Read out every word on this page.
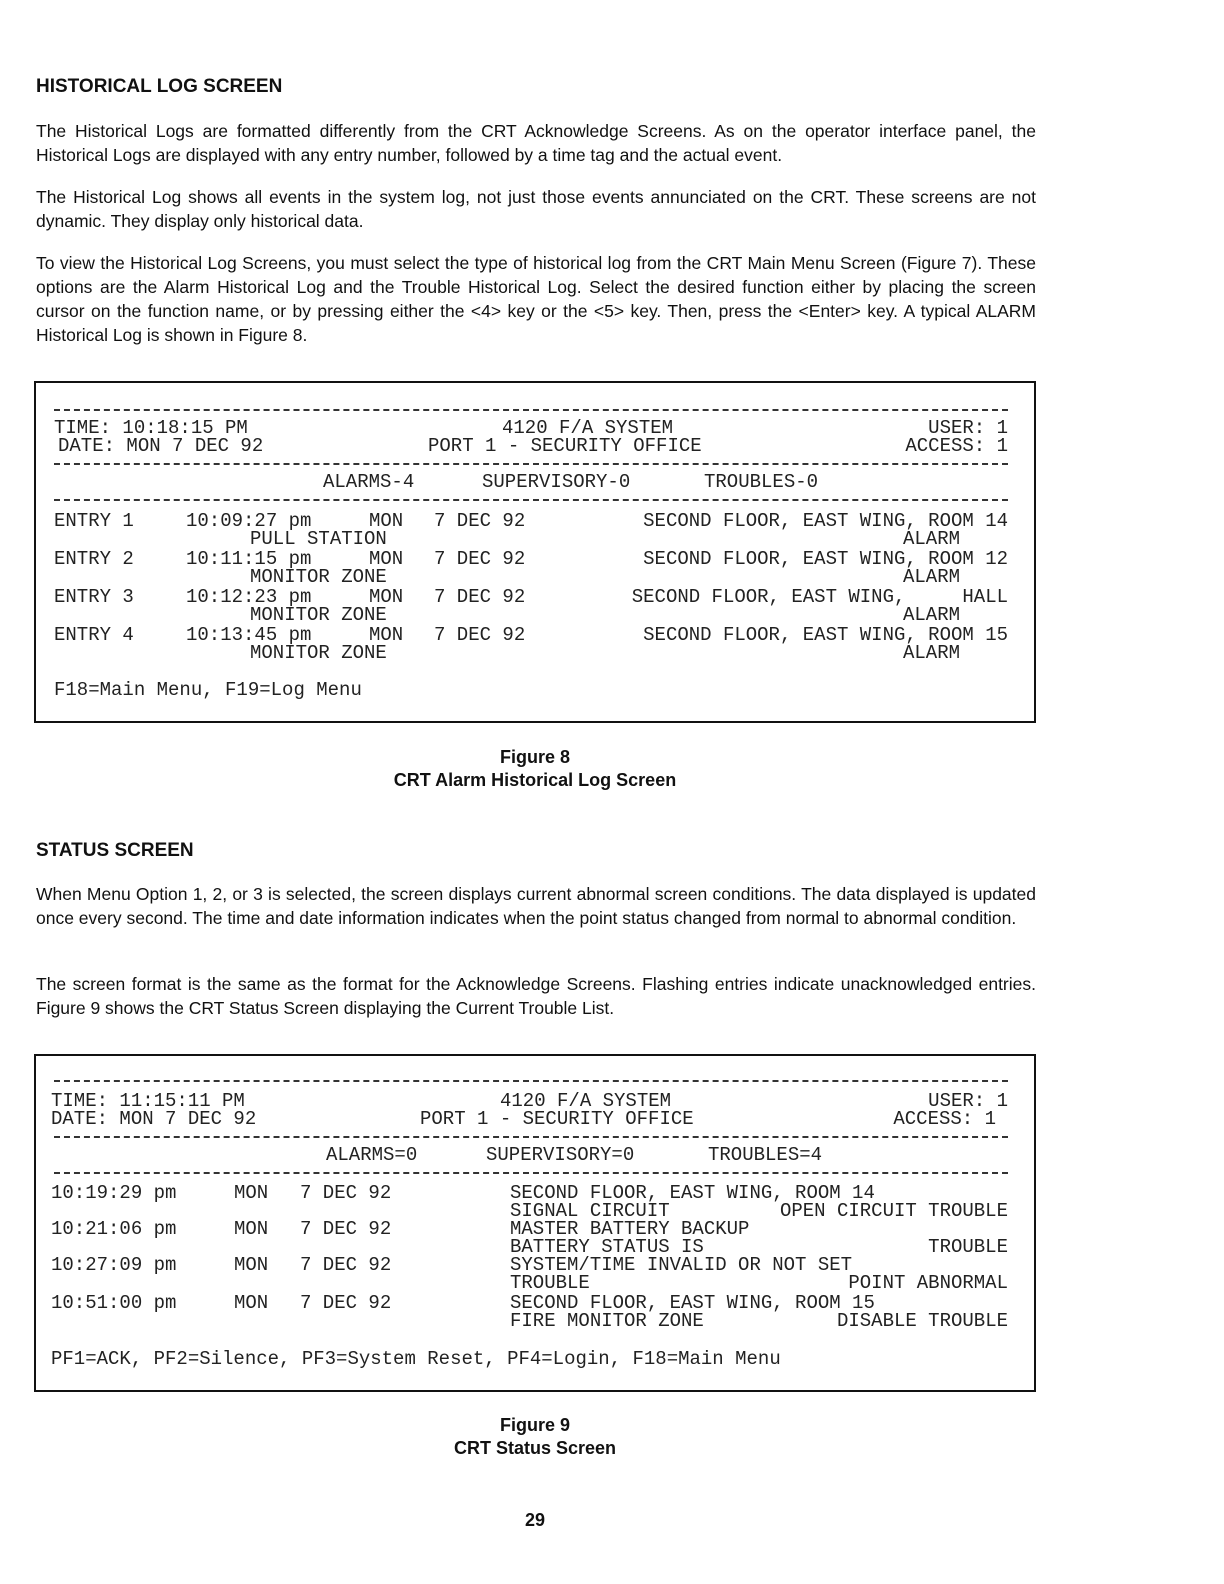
HISTORICAL LOG SCREEN

The Historical Logs are formatted differently from the CRT Acknowledge Screens. As on the operator interface panel, the Historical Logs are displayed with any entry number, followed by a time tag and the actual event.

The Historical Log shows all events in the system log, not just those events annunciated on the CRT. These screens are not dynamic. They display only historical data.

To view the Historical Log Screens, you must select the type of historical log from the CRT Main Menu Screen (Figure 7). These options are the Alarm Historical Log and the Trouble Historical Log. Select the desired function either by placing the screen cursor on the function name, or by pressing either the <4> key or the <5> key. Then, press the <Enter> key. A typical ALARM Historical Log is shown in Figure 8.

TIME: 10:18:15 PM	4120 F/A SYSTEM	USER: 1
DATE: MON 7 DEC 92	PORT 1 - SECURITY OFFICE	ACCESS: 1
ALARMS-4	SUPERVISORY-0	TROUBLES-0
ENTRY 1	10:09:27 pm	MON 7 DEC 92	SECOND FLOOR, EAST WING, ROOM 14
PULL STATION	ALARM
ENTRY 2	10:11:15 pm	MON 7 DEC 92	SECOND FLOOR, EAST WING, ROOM 12
MONITOR ZONE	ALARM
ENTRY 3	10:12:23 pm	MON 7 DEC 92	SECOND FLOOR, EAST WING,     HALL
MONITOR ZONE	ALARM
ENTRY 4	10:13:45 pm	MON 7 DEC 92	SECOND FLOOR, EAST WING, ROOM 15
MONITOR ZONE	ALARM
F18=Main Menu, F19=Log Menu

Figure 8

CRT Alarm Historical Log Screen

STATUS SCREEN

When Menu Option 1, 2, or 3 is selected, the screen displays current abnormal screen conditions. The data displayed is updated once every second. The time and date information indicates when the point status changed from normal to abnormal condition.

The screen format is the same as the format for the Acknowledge Screens. Flashing entries indicate unacknowledged entries. Figure 9 shows the CRT Status Screen displaying the Current Trouble List.

TIME: 11:15:11 PM	4120 F/A SYSTEM	USER: 1
DATE: MON 7 DEC 92	PORT 1 - SECURITY OFFICE	ACCESS: 1
ALARMS=0	SUPERVISORY=0	TROUBLES=4
10:19:29 pm	MON 7 DEC 92	SECOND FLOOR, EAST WING, ROOM 14
SIGNAL CIRCUIT	OPEN CIRCUIT TROUBLE
10:21:06 pm	MON 7 DEC 92	MASTER BATTERY BACKUP
BATTERY STATUS IS	TROUBLE
10:27:09 pm	MON 7 DEC 92	SYSTEM/TIME INVALID OR NOT SET
TROUBLE	POINT ABNORMAL
10:51:00 pm	MON 7 DEC 92	SECOND FLOOR, EAST WING, ROOM 15
FIRE MONITOR ZONE	DISABLE TROUBLE
PF1=ACK, PF2=Silence, PF3=System Reset, PF4=Login, F18=Main Menu

Figure 9

CRT Status Screen

29
